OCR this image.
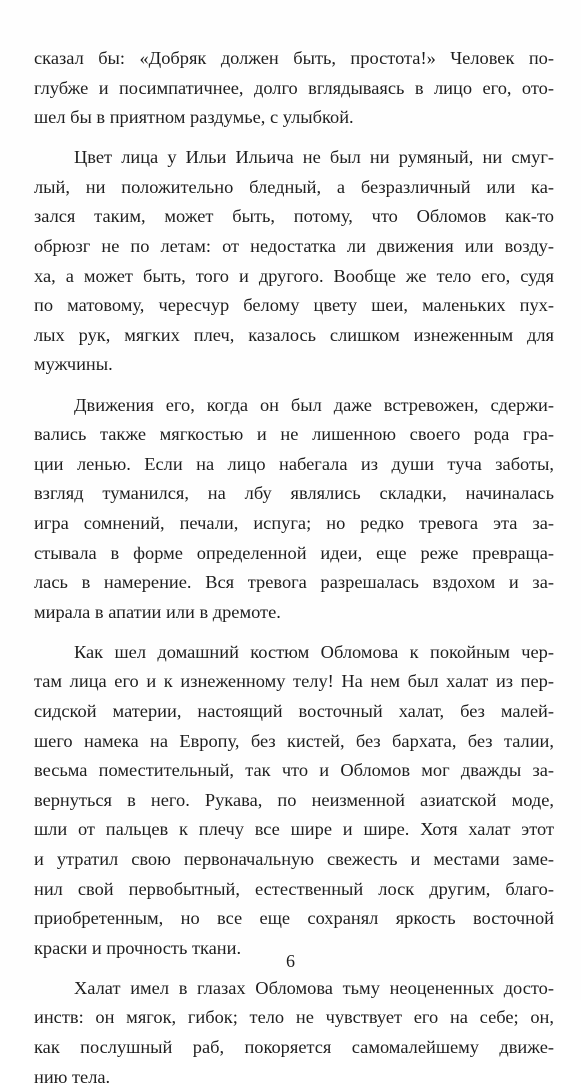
сказал бы: «Добряк должен быть, простота!» Человек по-
глубже и посимпатичнее, долго вглядываясь в лицо его, ото-
шел бы в приятном раздумье, с улыбкой.
Цвет лица у Ильи Ильича не был ни румяный, ни смуг-
лый, ни положительно бледный, а безразличный или ка-
зался таким, может быть, потому, что Обломов как-то
обрюзг не по летам: от недостатка ли движения или возду-
ха, а может быть, того и другого. Вообще же тело его, судя
по матовому, чересчур белому цвету шеи, маленьких пух-
лых рук, мягких плеч, казалось слишком изнеженным для
мужчины.
Движения его, когда он был даже встревожен, сдержи-
вались также мягкостью и не лишенною своего рода гра-
ции ленью. Если на лицо набегала из души туча заботы,
взгляд туманился, на лбу являлись складки, начиналась
игра сомнений, печали, испуга; но редко тревога эта за-
стывала в форме определенной идеи, еще реже превраща-
лась в намерение. Вся тревога разрешалась вздохом и за-
мирала в апатии или в дремоте.
Как шел домашний костюм Обломова к покойным чер-
там лица его и к изнеженному телу! На нем был халат из пер-
сидской материи, настоящий восточный халат, без малей-
шего намека на Европу, без кистей, без бархата, без талии,
весьма поместительный, так что и Обломов мог дважды за-
вернуться в него. Рукава, по неизменной азиатской моде,
шли от пальцев к плечу все шире и шире. Хотя халат этот
и утратил свою первоначальную свежесть и местами заме-
нил свой первобытный, естественный лоск другим, благо-
приобретенным, но все еще сохранял яркость восточной
краски и прочность ткани.
Халат имел в глазах Обломова тьму неоцененных досто-
инств: он мягок, гибок; тело не чувствует его на себе; он,
как послушный раб, покоряется самомалейшему движе-
нию тела.
6
